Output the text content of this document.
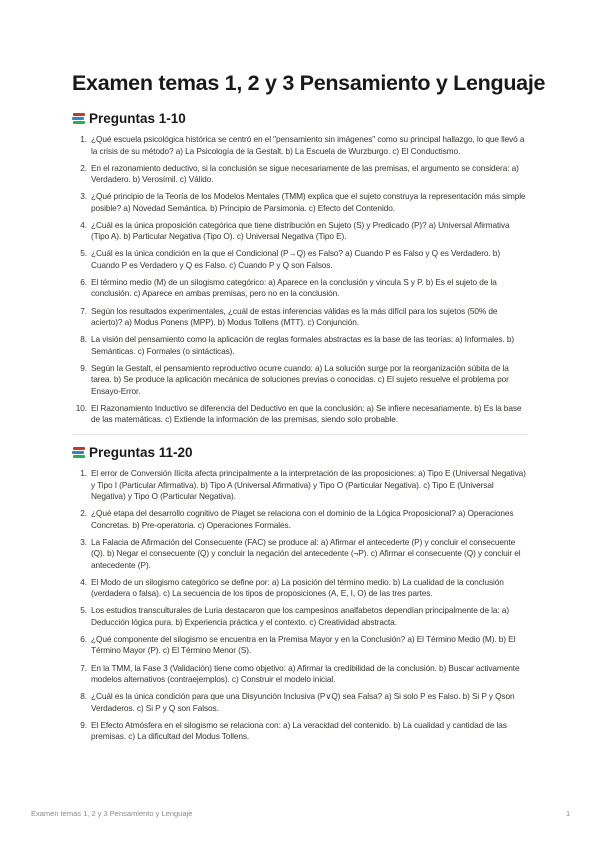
Examen temas 1, 2 y 3 Pensamiento y Lenguaje
Preguntas 1-10
1. ¿Qué escuela psicológica histórica se centró en el "pensamiento sin imágenes" como su principal hallazgo, lo que llevó a la crisis de su método? a) La Psicología de la Gestalt. b) La Escuela de Wurzburgo. c) El Conductismo.
2. En el razonamiento deductivo, si la conclusión se sigue necesariamente de las premisas, el argumento se considera: a) Verdadero. b) Verosímil. c) Válido.
3. ¿Qué principio de la Teoría de los Modelos Mentales (TMM) explica que el sujeto construya la representación más simple posible? a) Novedad Semántica. b) Principio de Parsimonia. c) Efecto del Contenido.
4. ¿Cuál es la única proposición categórica que tiene distribución en Sujeto (S) y Predicado (P)? a) Universal Afirmativa (Tipo A). b) Particular Negativa (Tipo O). c) Universal Negativa (Tipo E).
5. ¿Cuál es la única condición en la que el Condicional (P→Q) es Falso? a) Cuando P es Falso y Q es Verdadero. b) Cuando P es Verdadero y Q es Falso. c) Cuando P y Q son Falsos.
6. El término medio (M) de un silogismo categórico: a) Aparece en la conclusión y vincula S y P. b) Es el sujeto de la conclusión. c) Aparece en ambas premisas, pero no en la conclusión.
7. Según los resultados experimentales, ¿cuál de estas inferencias válidas es la más difícil para los sujetos (50% de acierto)? a) Modus Ponens (MPP). b) Modus Tollens (MTT). c) Conjunción.
8. La visión del pensamiento como la aplicación de reglas formales abstractas es la base de las teorías: a) Informales. b) Semánticas. c) Formales (o sintácticas).
9. Según la Gestalt, el pensamiento reproductivo ocurre cuando: a) La solución surge por la reorganización súbita de la tarea. b) Se produce la aplicación mecánica de soluciones previas o conocidas. c) El sujeto resuelve el problema por Ensayo-Error.
10. El Razonamiento Inductivo se diferencia del Deductivo en que la conclusión: a) Se infiere necesariamente. b) Es la base de las matemáticas. c) Extiende la información de las premisas, siendo solo probable.
Preguntas 11-20
1. El error de Conversión Ilícita afecta principalmente a la interpretación de las proposiciones: a) Tipo E (Universal Negativa) y Tipo I (Particular Afirmativa). b) Tipo A (Universal Afirmativa) y Tipo O (Particular Negativa). c) Tipo E (Universal Negativa) y Tipo O (Particular Negativa).
2. ¿Qué etapa del desarrollo cognitivo de Piaget se relaciona con el dominio de la Lógica Proposicional? a) Operaciones Concretas. b) Pre-operatoria. c) Operaciones Formales.
3. La Falacia de Afirmación del Consecuente (FAC) se produce al: a) Afirmar el antecederte (P) y concluir el consecuente (Q). b) Negar el consecuente (Q) y concluir la negación del antecedente (¬P). c) Afirmar el consecuente (Q) y concluir el antecedente (P).
4. El Modo de un silogismo categórico se define por: a) La posición del término medio. b) La cualidad de la conclusión (verdadera o falsa). c) La secuencia de los tipos de proposiciones (A, E, I, O) de las tres partes.
5. Los estudios transculturales de Luria destacaron que los campesinos analfabetos dependían principalmente de la: a) Deducción lógica pura. b) Experiencia práctica y el contexto. c) Creatividad abstracta.
6. ¿Qué componente del silogismo se encuentra en la Premisa Mayor y en la Conclusión? a) El Término Medio (M). b) El Término Mayor (P). c) El Término Menor (S).
7. En la TMM, la Fase 3 (Validación) tiene como objetivo: a) Afirmar la credibilidad de la conclusión. b) Buscar activamente modelos alternativos (contraejemplos). c) Construir el modelo inicial.
8. ¿Cuál es la única condición para que una Disyunción Inclusiva (P∨Q) sea Falsa? a) Si solo P es Falso. b) Si P y Qson Verdaderos. c) Si P y Q son Falsos.
9. El Efecto Atmósfera en el silogismo se relaciona con: a) La veracidad del contenido. b) La cualidad y cantidad de las premisas. c) La dificultad del Modus Tollens.
Examen temas 1, 2 y 3 Pensamiento y Lenguaje	1
